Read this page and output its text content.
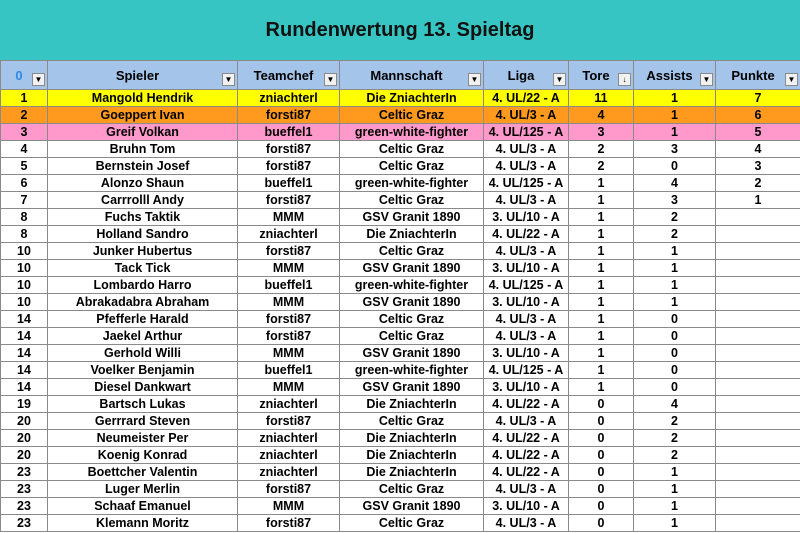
Rundenwertung 13. Spieltag
0 ▼	Spieler ▼	Teamchef ▼	Mannschaft ▼	Liga ▼	Tore ↓	Assists ▼	Punkte ▼

1	Mangold Hendrik	zniachterl	Die ZniachterIn	4. UL/22 - A	11	1	7
2	Goeppert Ivan	forsti87	Celtic Graz	4. UL/3 - A	4	1	6
3	Greif Volkan	bueffel1	green-white-fighter	4. UL/125 - A	3	1	5
4	Bruhn Tom	forsti87	Celtic Graz	4. UL/3 - A	2	3	4
5	Bernstein Josef	forsti87	Celtic Graz	4. UL/3 - A	2	0	3
6	Alonzo Shaun	bueffel1	green-white-fighter	4. UL/125 - A	1	4	2
7	Carrrolll Andy	forsti87	Celtic Graz	4. UL/3 - A	1	3	1
8	Fuchs Taktik	MMM	GSV Granit 1890	3. UL/10 - A	1	2	
8	Holland Sandro	zniachterl	Die ZniachterIn	4. UL/22 - A	1	2	
10	Junker Hubertus	forsti87	Celtic Graz	4. UL/3 - A	1	1	
10	Tack Tick	MMM	GSV Granit 1890	3. UL/10 - A	1	1	
10	Lombardo Harro	bueffel1	green-white-fighter	4. UL/125 - A	1	1	
10	Abrakadabra Abraham	MMM	GSV Granit 1890	3. UL/10 - A	1	1	
14	Pfefferle Harald	forsti87	Celtic Graz	4. UL/3 - A	1	0	
14	Jaekel Arthur	forsti87	Celtic Graz	4. UL/3 - A	1	0	
14	Gerhold Willi	MMM	GSV Granit 1890	3. UL/10 - A	1	0	
14	Voelker Benjamin	bueffel1	green-white-fighter	4. UL/125 - A	1	0	
14	Diesel Dankwart	MMM	GSV Granit 1890	3. UL/10 - A	1	0	
19	Bartsch Lukas	zniachterl	Die ZniachterIn	4. UL/22 - A	0	4	
20	Gerrrard Steven	forsti87	Celtic Graz	4. UL/3 - A	0	2	
20	Neumeister Per	zniachterl	Die ZniachterIn	4. UL/22 - A	0	2	
20	Koenig Konrad	zniachterl	Die ZniachterIn	4. UL/22 - A	0	2	
23	Boettcher Valentin	zniachterl	Die ZniachterIn	4. UL/22 - A	0	1	
23	Luger Merlin	forsti87	Celtic Graz	4. UL/3 - A	0	1	
23	Schaaf Emanuel	MMM	GSV Granit 1890	3. UL/10 - A	0	1	
23	Klemann Moritz	forsti87	Celtic Graz	4. UL/3 - A	0	1	
